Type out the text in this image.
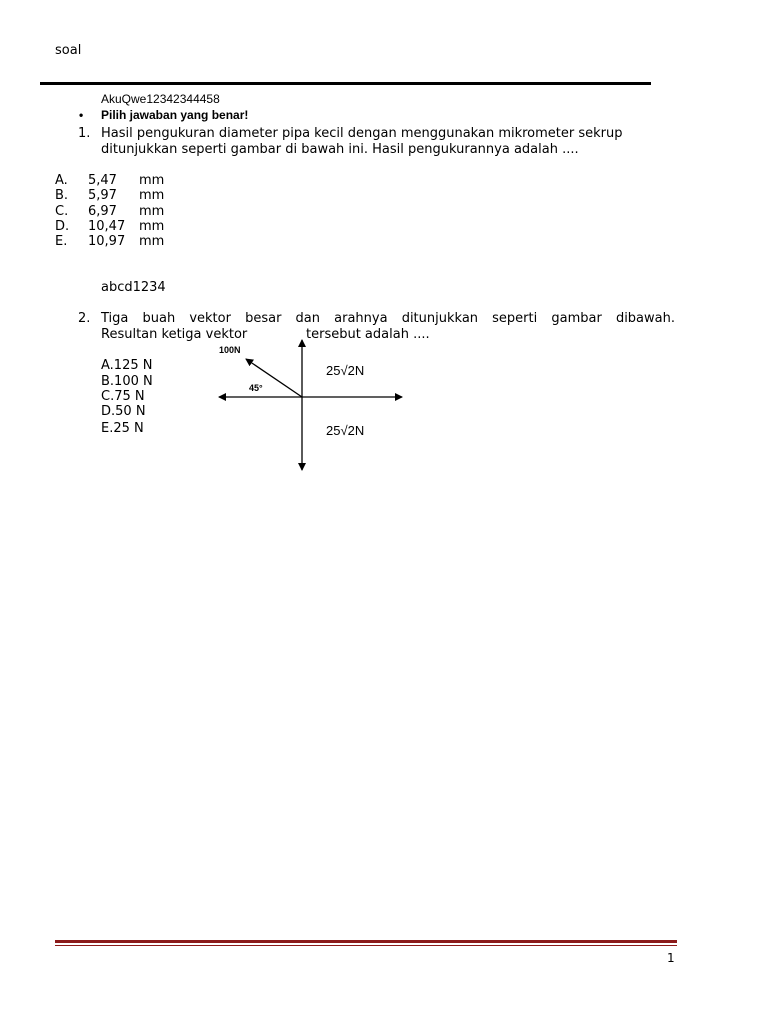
soal
AkuQwe12342344458
• Pilih jawaban yang benar!
1. Hasil pengukuran diameter pipa kecil dengan menggunakan mikrometer sekrup
ditunjukkan seperti gambar di bawah ini. Hasil pengukurannya adalah ....
A. 5,47 mm
B. 5,97 mm
C. 6,97 mm
D. 10,47 mm
E. 10,97 mm
abcd1234
2. Tiga buah vektor besar dan arahnya ditunjukkan seperti gambar dibawah.
Resultan ketiga vektor	tersebut adalah ....
A.125 N
B.100 N
C.75 N
D.50 N
E.25 N
100N
45°
25√2N
25√2N
1
